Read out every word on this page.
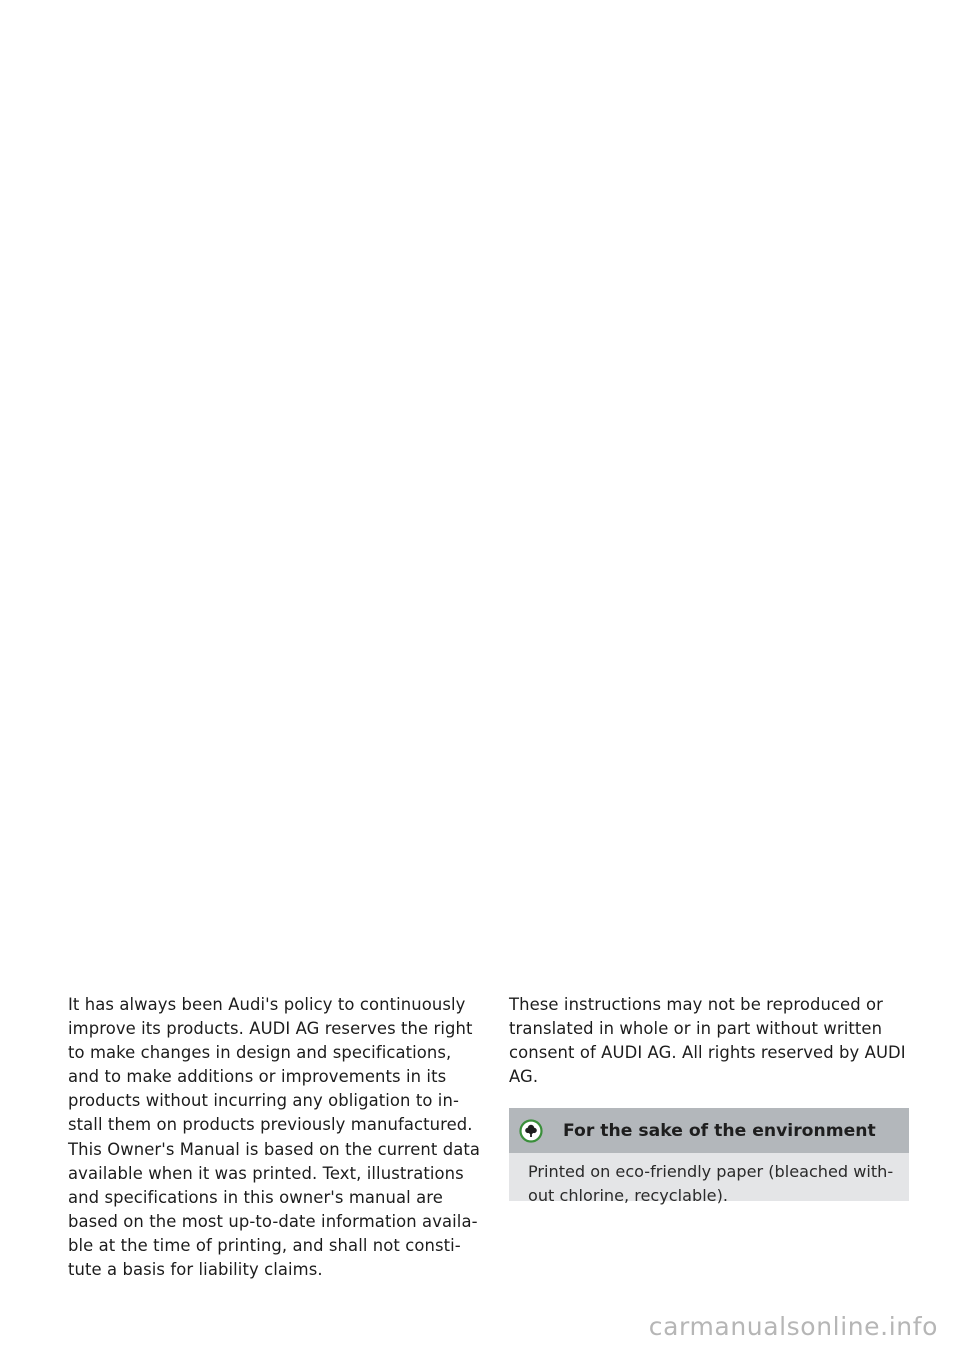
It has always been Audi's policy to continuously
improve its products. AUDI AG reserves the right
to make changes in design and specifications,
and to make additions or improvements in its
products without incurring any obligation to in-
stall them on products previously manufactured.
This Owner's Manual is based on the current data
available when it was printed. Text, illustrations
and specifications in this owner's manual are
based on the most up-to-date information availa-
ble at the time of printing, and shall not consti-
tute a basis for liability claims.

These instructions may not be reproduced or
translated in whole or in part without written
consent of AUDI AG. All rights reserved by AUDI
AG.

For the sake of the environment
Printed on eco-friendly paper (bleached with-
out chlorine, recyclable).
carmanualsonline.info
